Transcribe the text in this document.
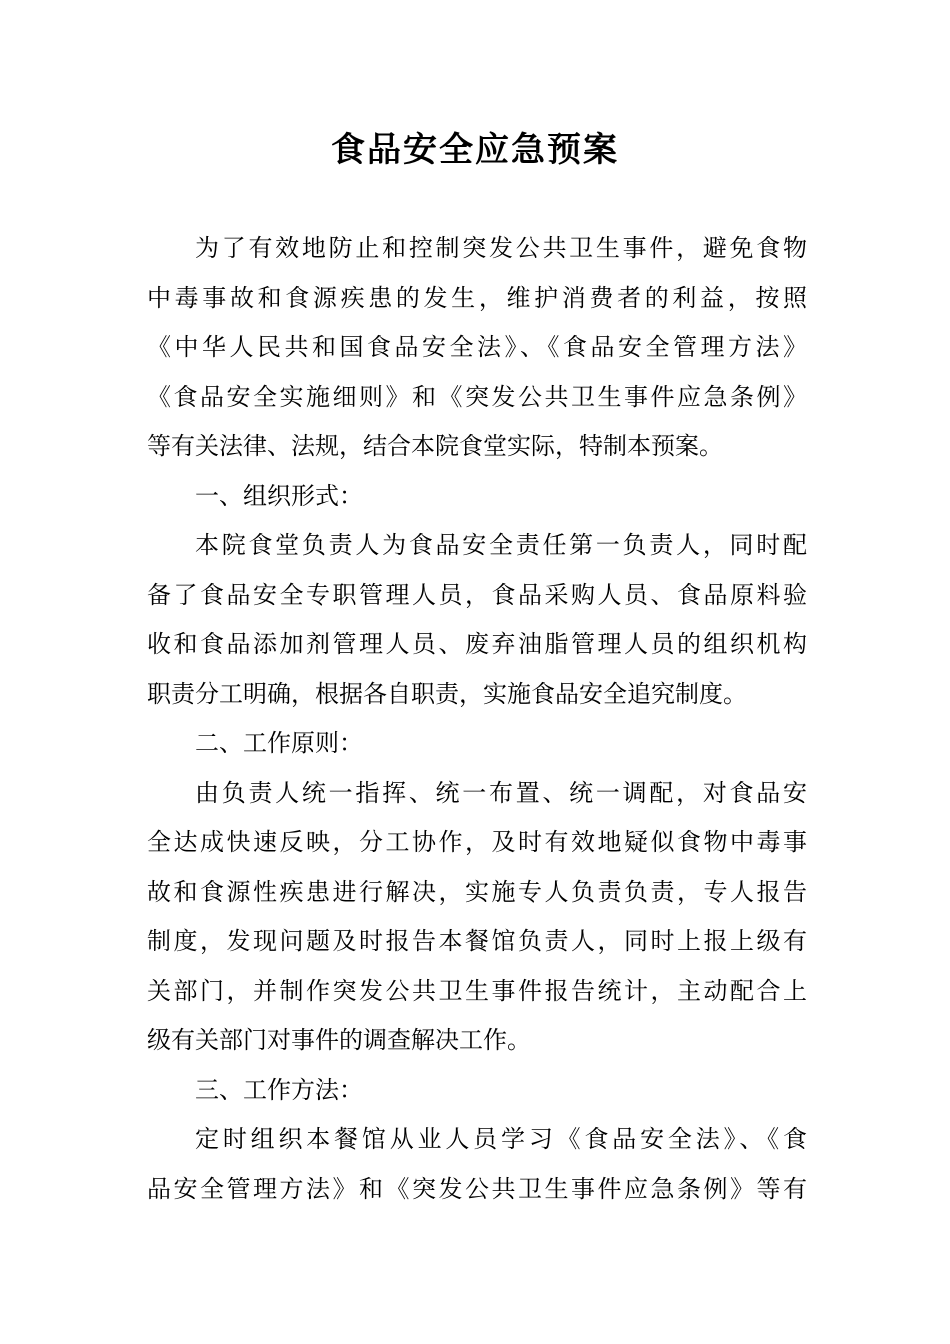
食品安全应急预案
为了有效地防止和控制突发公共卫生事件，避免食物
中毒事故和食源疾患的发生，维护消费者的利益，按照
《中华人民共和国食品安全法》、《食品安全管理方法》
《食品安全实施细则》和《突发公共卫生事件应急条例》
等有关法律、法规，结合本院食堂实际，特制本预案。
一、组织形式：
本院食堂负责人为食品安全责任第一负责人，同时配
备了食品安全专职管理人员，食品采购人员、食品原料验
收和食品添加剂管理人员、废弃油脂管理人员的组织机构
职责分工明确，根据各自职责，实施食品安全追究制度。
二、工作原则：
由负责人统一指挥、统一布置、统一调配，对食品安
全达成快速反映，分工协作，及时有效地疑似食物中毒事
故和食源性疾患进行解决，实施专人负责负责，专人报告
制度，发现问题及时报告本餐馆负责人，同时上报上级有
关部门，并制作突发公共卫生事件报告统计，主动配合上
级有关部门对事件的调查解决工作。
三、工作方法：
定时组织本餐馆从业人员学习《食品安全法》、《食
品安全管理方法》和《突发公共卫生事件应急条例》等有
